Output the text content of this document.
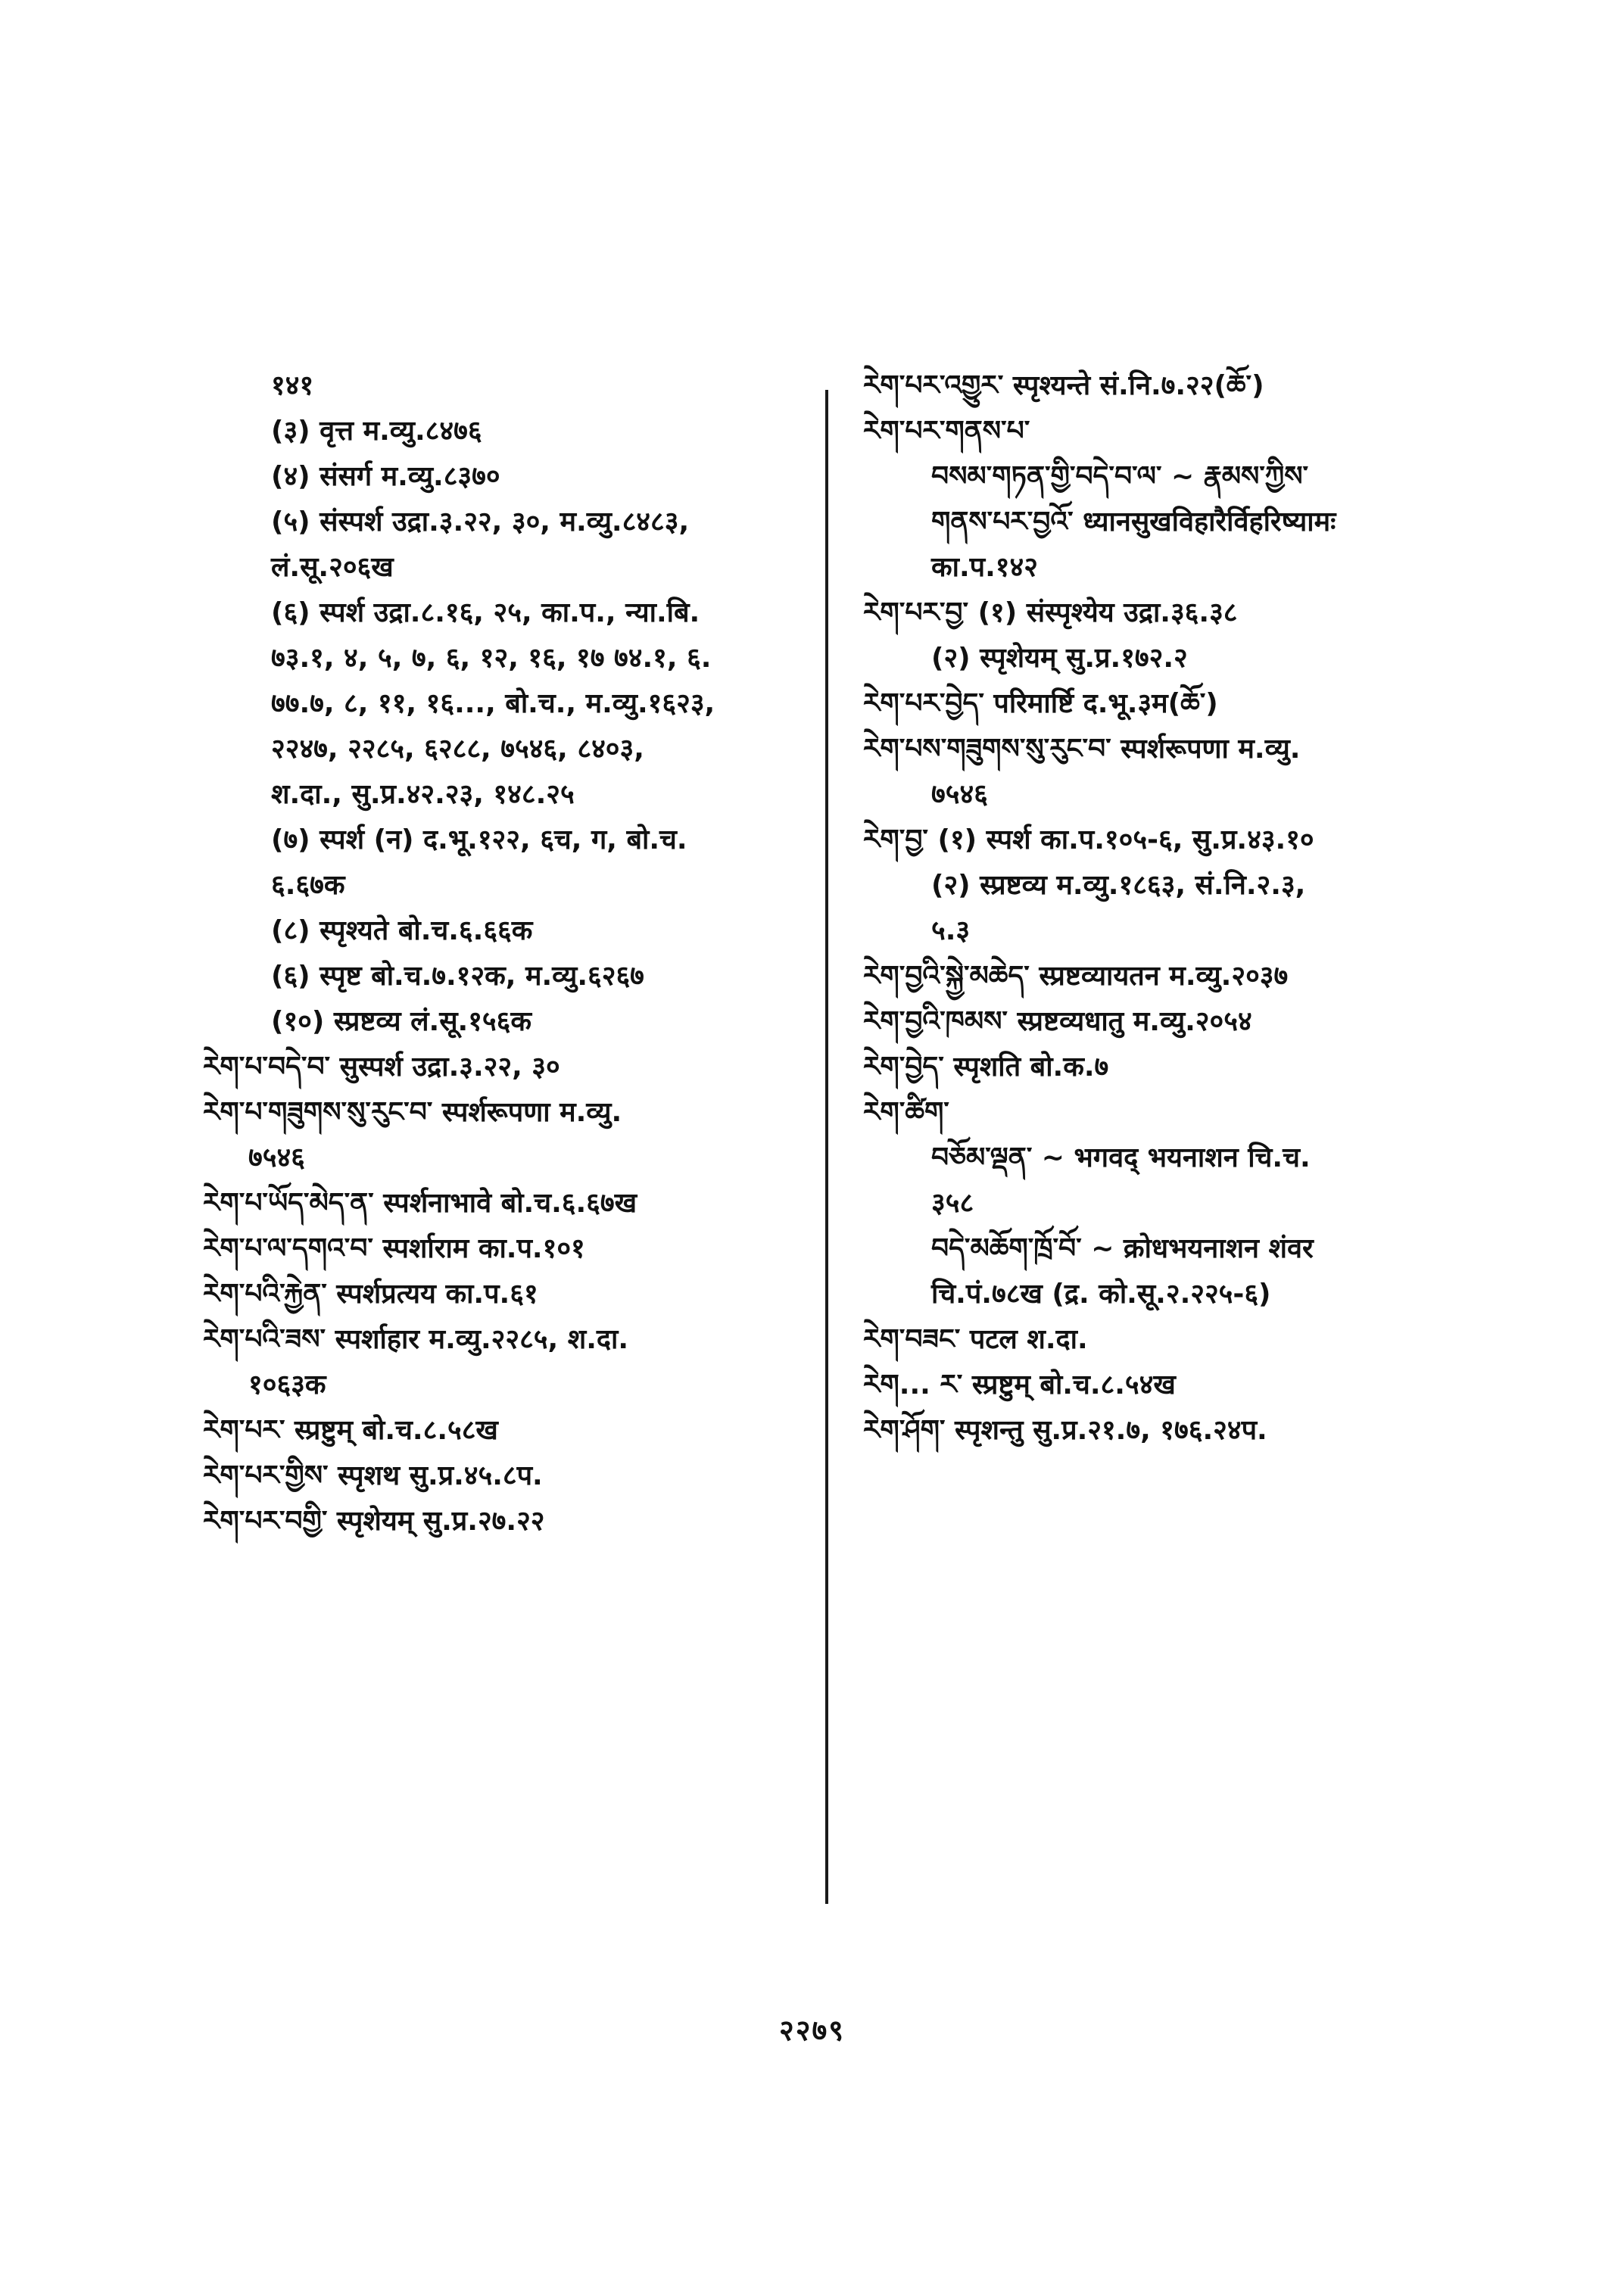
१४१
(३) वृत्त म.व्यु.८४७६
(४) संसर्ग म.व्यु.८३७०
(५) संस्पर्श उद्रा.३.२२, ३०, म.व्यु.८४८३,
लं.सू.२०६ख
(६) स्पर्श उद्रा.८.१६, २५, का.प., न्या.बि.
७३.१, ४, ५, ७, ६, १२, १६, १७ ७४.१, ६.
७७.७, ८, ११, १६..., बो.च., म.व्यु.१६२३,
२२४७, २२८५, ६२८८, ७५४६, ८४०३,
श.दा., सु.प्र.४२.२३, १४८.२५
(७) स्पर्श (न) द.भू.१२२, ६च, ग, बो.च.
६.६७क
(८) स्पृश्यते बो.च.६.६६क
(६) स्पृष्ट बो.च.७.१२क, म.व्यु.६२६७
(१०) स्प्रष्टव्य लं.सू.१५६क
རེག་པ་བདེ་བ་ सुस्पर्श उद्रा.३.२२, ३०
རེག་པ་གཟུགས་སུ་རུང་བ་ स्पर्शरूपणा म.व्यु.
७५४६
རེག་པ་ཡོད་མེད་ན་ स्पर्शनाभावे बो.च.६.६७ख
རེག་པ་ལ་དགའ་བ་ स्पर्शाराम का.प.१०१
རེག་པའི་རྐྱེན་ स्पर्शप्रत्यय का.प.६१
རེག་པའི་ཟས་ स्पर्शाहार म.व्यु.२२८५, श.दा.
१०६३क
རེག་པར་ स्प्रष्टुम् बो.च.८.५८ख
རེག་པར་གྱིས་ स्पृशथ सु.प्र.४५.८प.
རེག་པར་བགྱི་ स्पृशेयम् सु.प्र.२७.२२
རེག་པར་འགྱུར་ स्पृश्यन्ते सं.नि.७.२२(ཆོ་)
རེག་པར་གནས་པ་
བསམ་གཏན་གྱི་བདེ་བ་ལ་ ~ རྣམས་ཀྱིས་
གནས་པར་བྱའོ་ ध्यानसुखविहारैर्विहरिष्यामः
का.प.१४२
རེག་པར་བྱ་ (१) संस्पृश्येय उद्रा.३६.३८
(२) स्पृशेयम् सु.प्र.१७२.२
རེག་པར་བྱེད་ परिमार्ष्टि द.भू.३म(ཆོ་)
རེག་པས་གཟུགས་སུ་རུང་བ་ स्पर्शरूपणा म.व्यु.
७५४६
རེག་བྱ་ (१) स्पर्श का.प.१०५-६, सु.प्र.४३.१०
(२) स्प्रष्टव्य म.व्यु.१८६३, सं.नि.२.३,
५.३
རེག་བྱའི་སྐྱེ་མཆེད་ स्प्रष्टव्यायतन म.व्यु.२०३७
རེག་བྱའི་ཁམས་ स्प्रष्टव्यधातु म.व्यु.२०५४
རེག་བྱེད་ स्पृशति बो.क.७
རེག་ཚིག་
བཅོམ་ལྡན་ ~ भगवद् भयनाशन चि.च.
३५८
བདེ་མཆོག་ཁྲོ་བོ་ ~ क्रोधभयनाशन शंवर
चि.पं.७८ख (द्र. को.सू.२.२२५-६)
རེག་བཟང་ पटल श.दा.
རེག... ར་ स्प्रष्टुम् बो.च.८.५४ख
རེག་ཤོག་ स्पृशन्तु सु.प्र.२१.७, १७६.२४प.
२२७९
